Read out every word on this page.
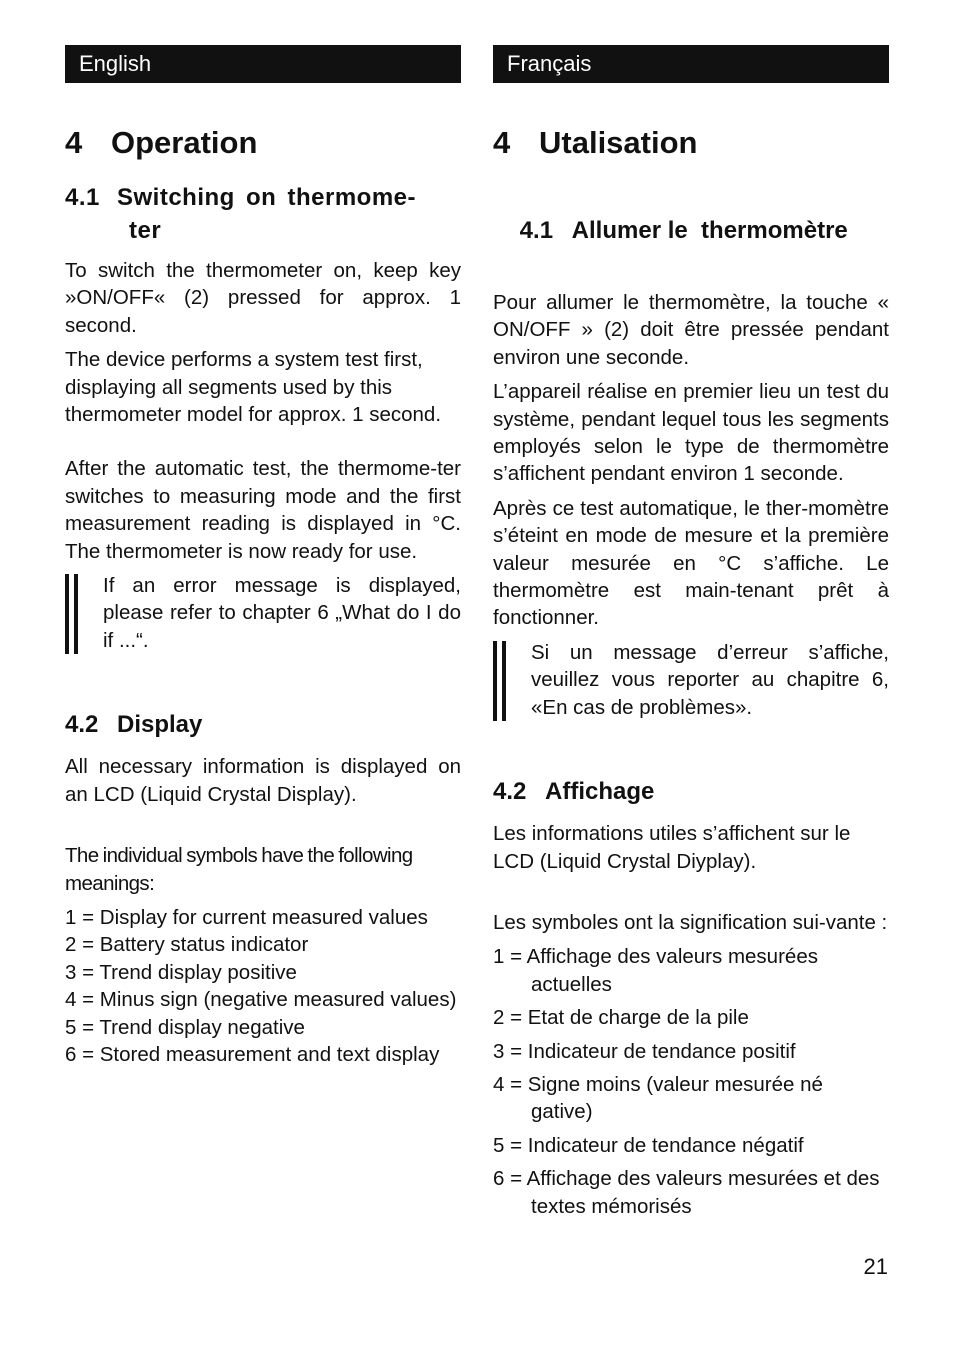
English
4 Operation
4.1 Switching on thermome-
ter

To switch the thermometer on, keep key »ON/OFF« (2) pressed for approx. 1 second.

The device performs a system test first, displaying all segments used by this thermometer model for approx. 1 second.

After the automatic test, the thermome-ter switches to measuring mode and the first measurement reading is displayed in °C. The thermometer is now ready for use.

If an error message is displayed, please refer to chapter 6 „What do I do if ...“.

4.2 Display

All necessary information is displayed on an LCD (Liquid Crystal Display).

The individual symbols have the following meanings:

1 = Display for current measured values
2 = Battery status indicator
3 = Trend display positive
4 = Minus sign (negative measured values)
5 = Trend display negative
6 = Stored measurement and text display
Français
4 Utalisation

4.1 Allumer le  thermomètre

Pour allumer le thermomètre, la touche « ON/OFF » (2) doit être pressée pendant environ une seconde.

L’appareil réalise en premier lieu un test du système, pendant lequel tous les segments employés selon le type de thermomètre s’affichent pendant environ 1 seconde.

Après ce test automatique, le ther-momètre s’éteint en mode de mesure et la première valeur mesurée en °C s’affiche. Le thermomètre est main-tenant prêt à fonctionner.

Si un message d’erreur s’affiche, veuillez vous reporter au chapitre 6, «En cas de problèmes».

4.2 Affichage

Les informations utiles s’affichent sur le LCD (Liquid Crystal Diyplay).

Les symboles ont la signification sui-vante :

1 = Affichage des valeurs mesurées actuelles
2 = Etat de charge de la pile
3 = Indicateur de tendance positif
4 = Signe moins (valeur mesurée né gative)
5 = Indicateur de tendance négatif
6 = Affichage des valeurs mesurées et des textes mémorisés
21
